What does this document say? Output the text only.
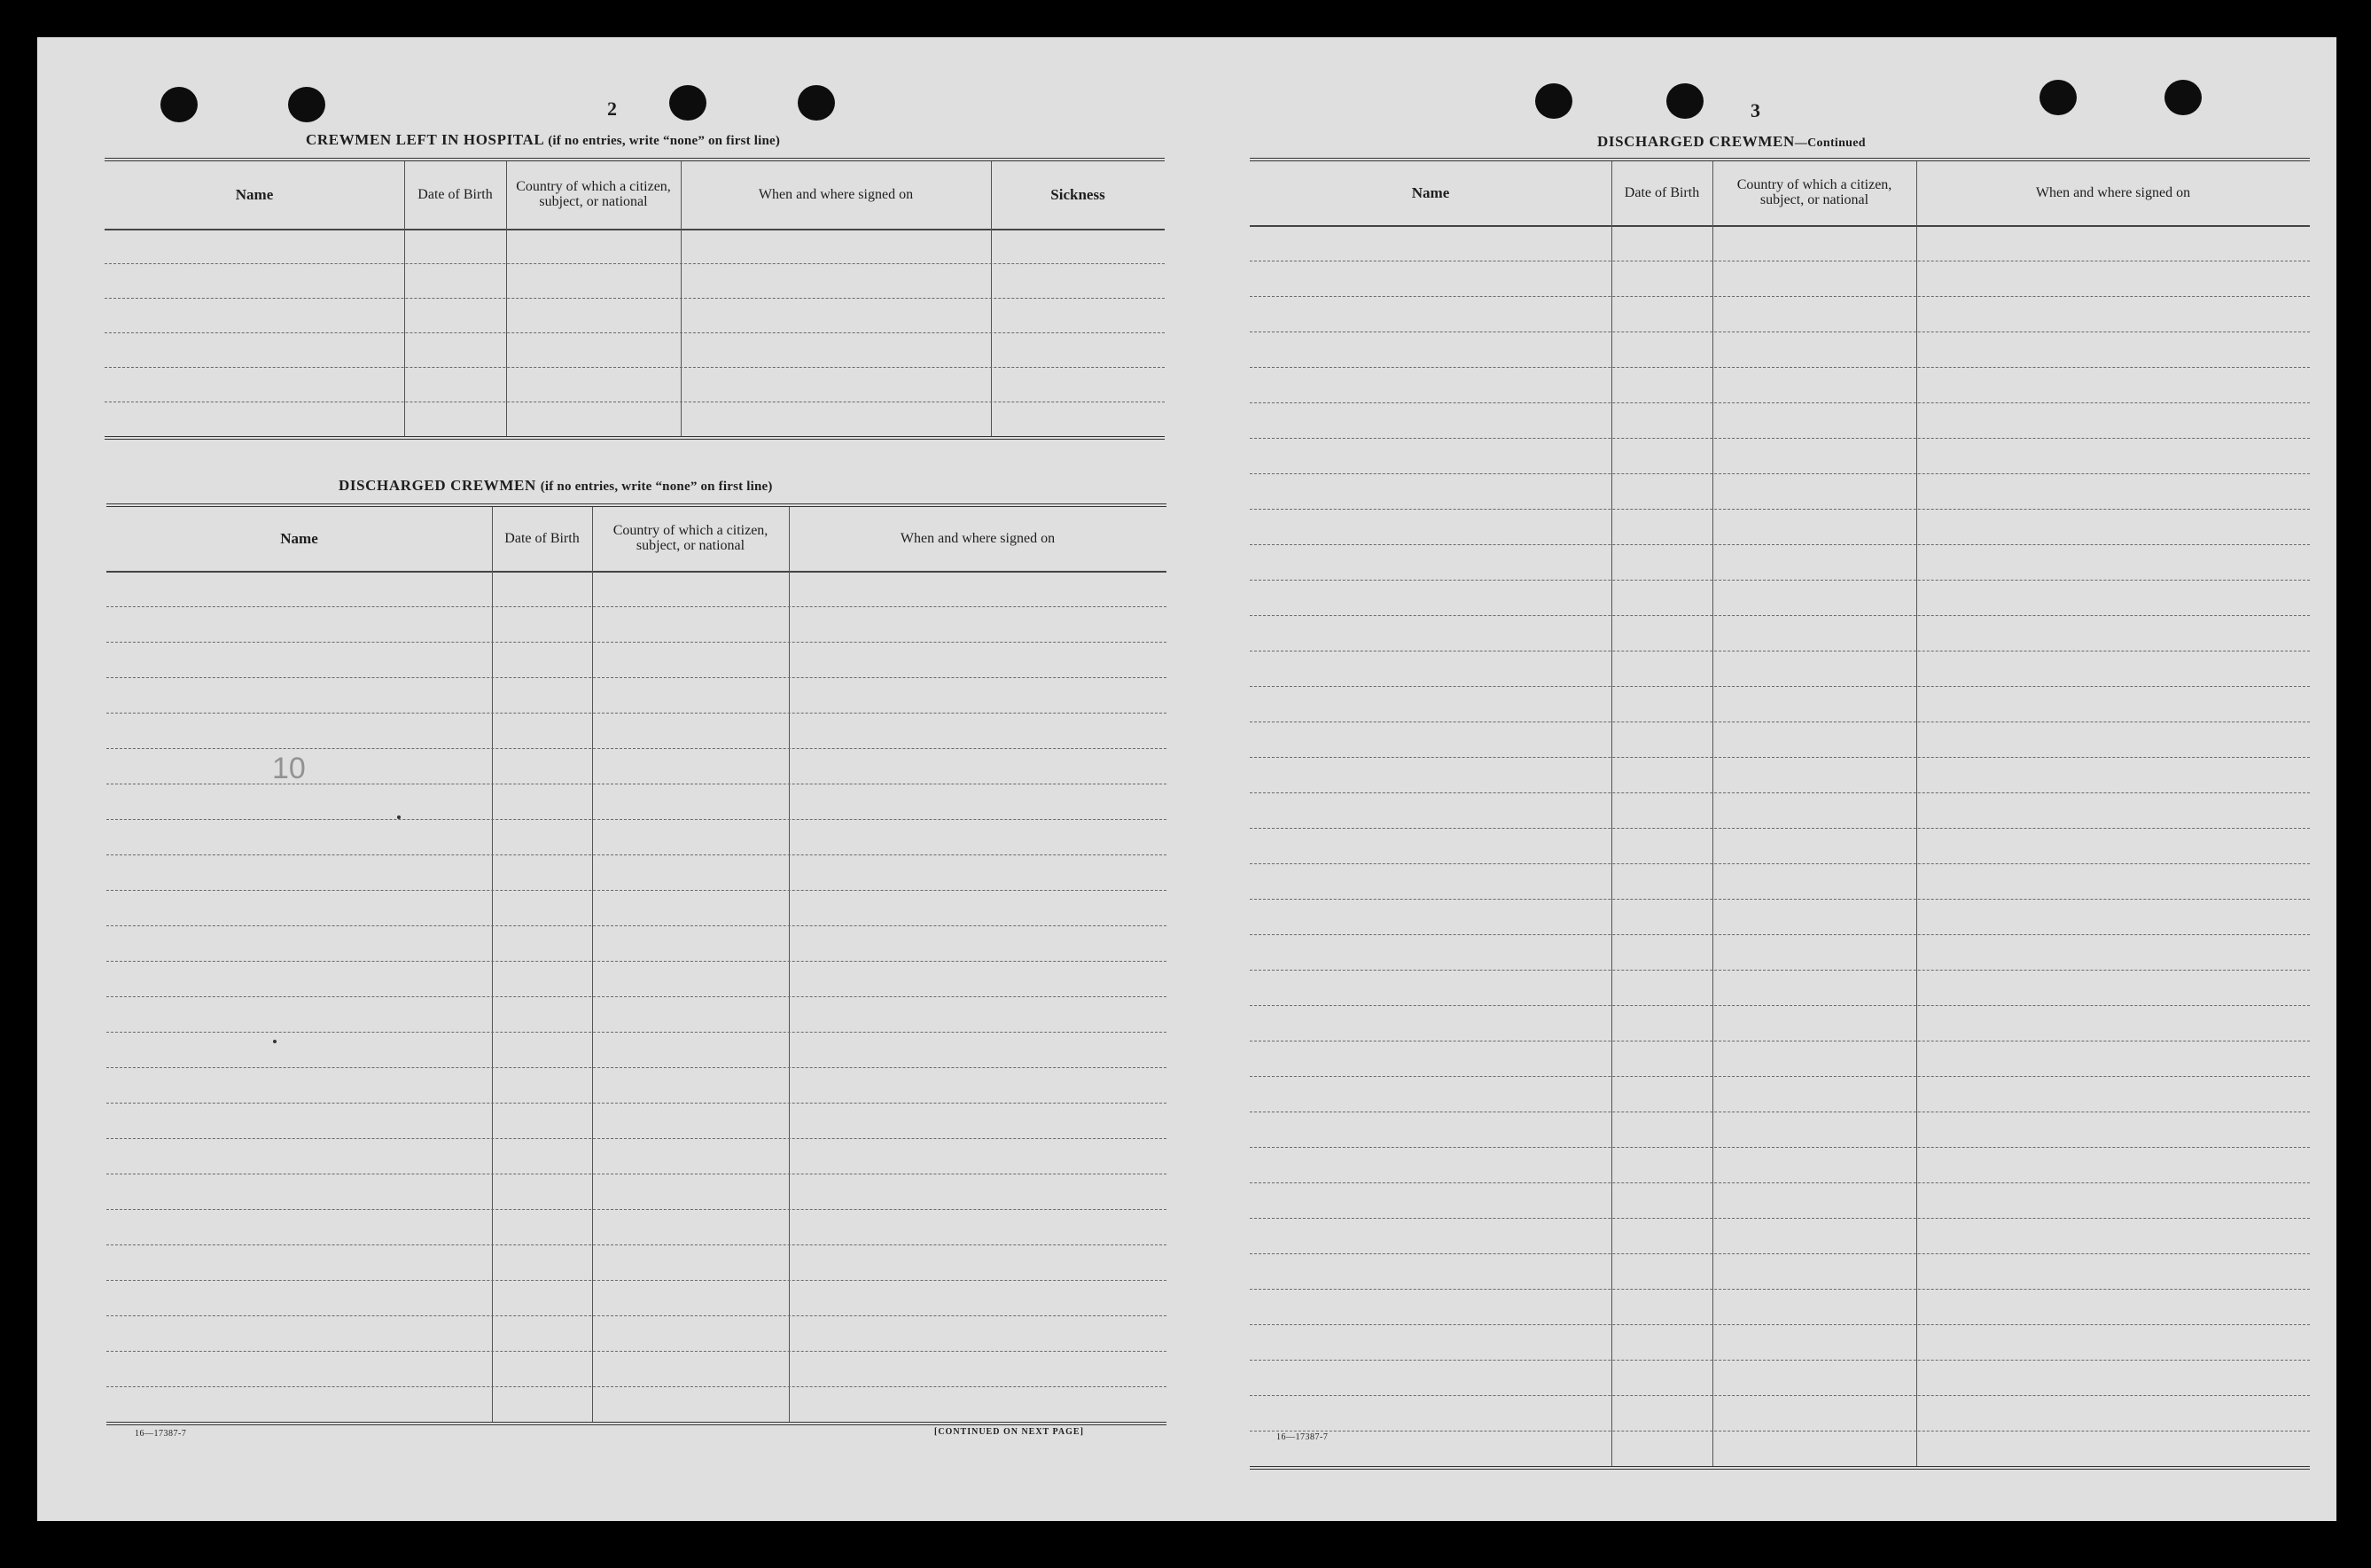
2
CREWMEN LEFT IN HOSPITAL (if no entries, write “none” on first line)
Name	Date of Birth	Country of which a citizen, subject, or national	When and where signed on	Sickness
DISCHARGED CREWMEN (if no entries, write “none” on first line)
Name	Date of Birth	Country of which a citizen, subject, or national	When and where signed on
10
16—17387-7	[CONTINUED ON NEXT PAGE]
3
DISCHARGED CREWMEN—Continued
Name	Date of Birth	Country of which a citizen, subject, or national	When and where signed on
16—17387-7
